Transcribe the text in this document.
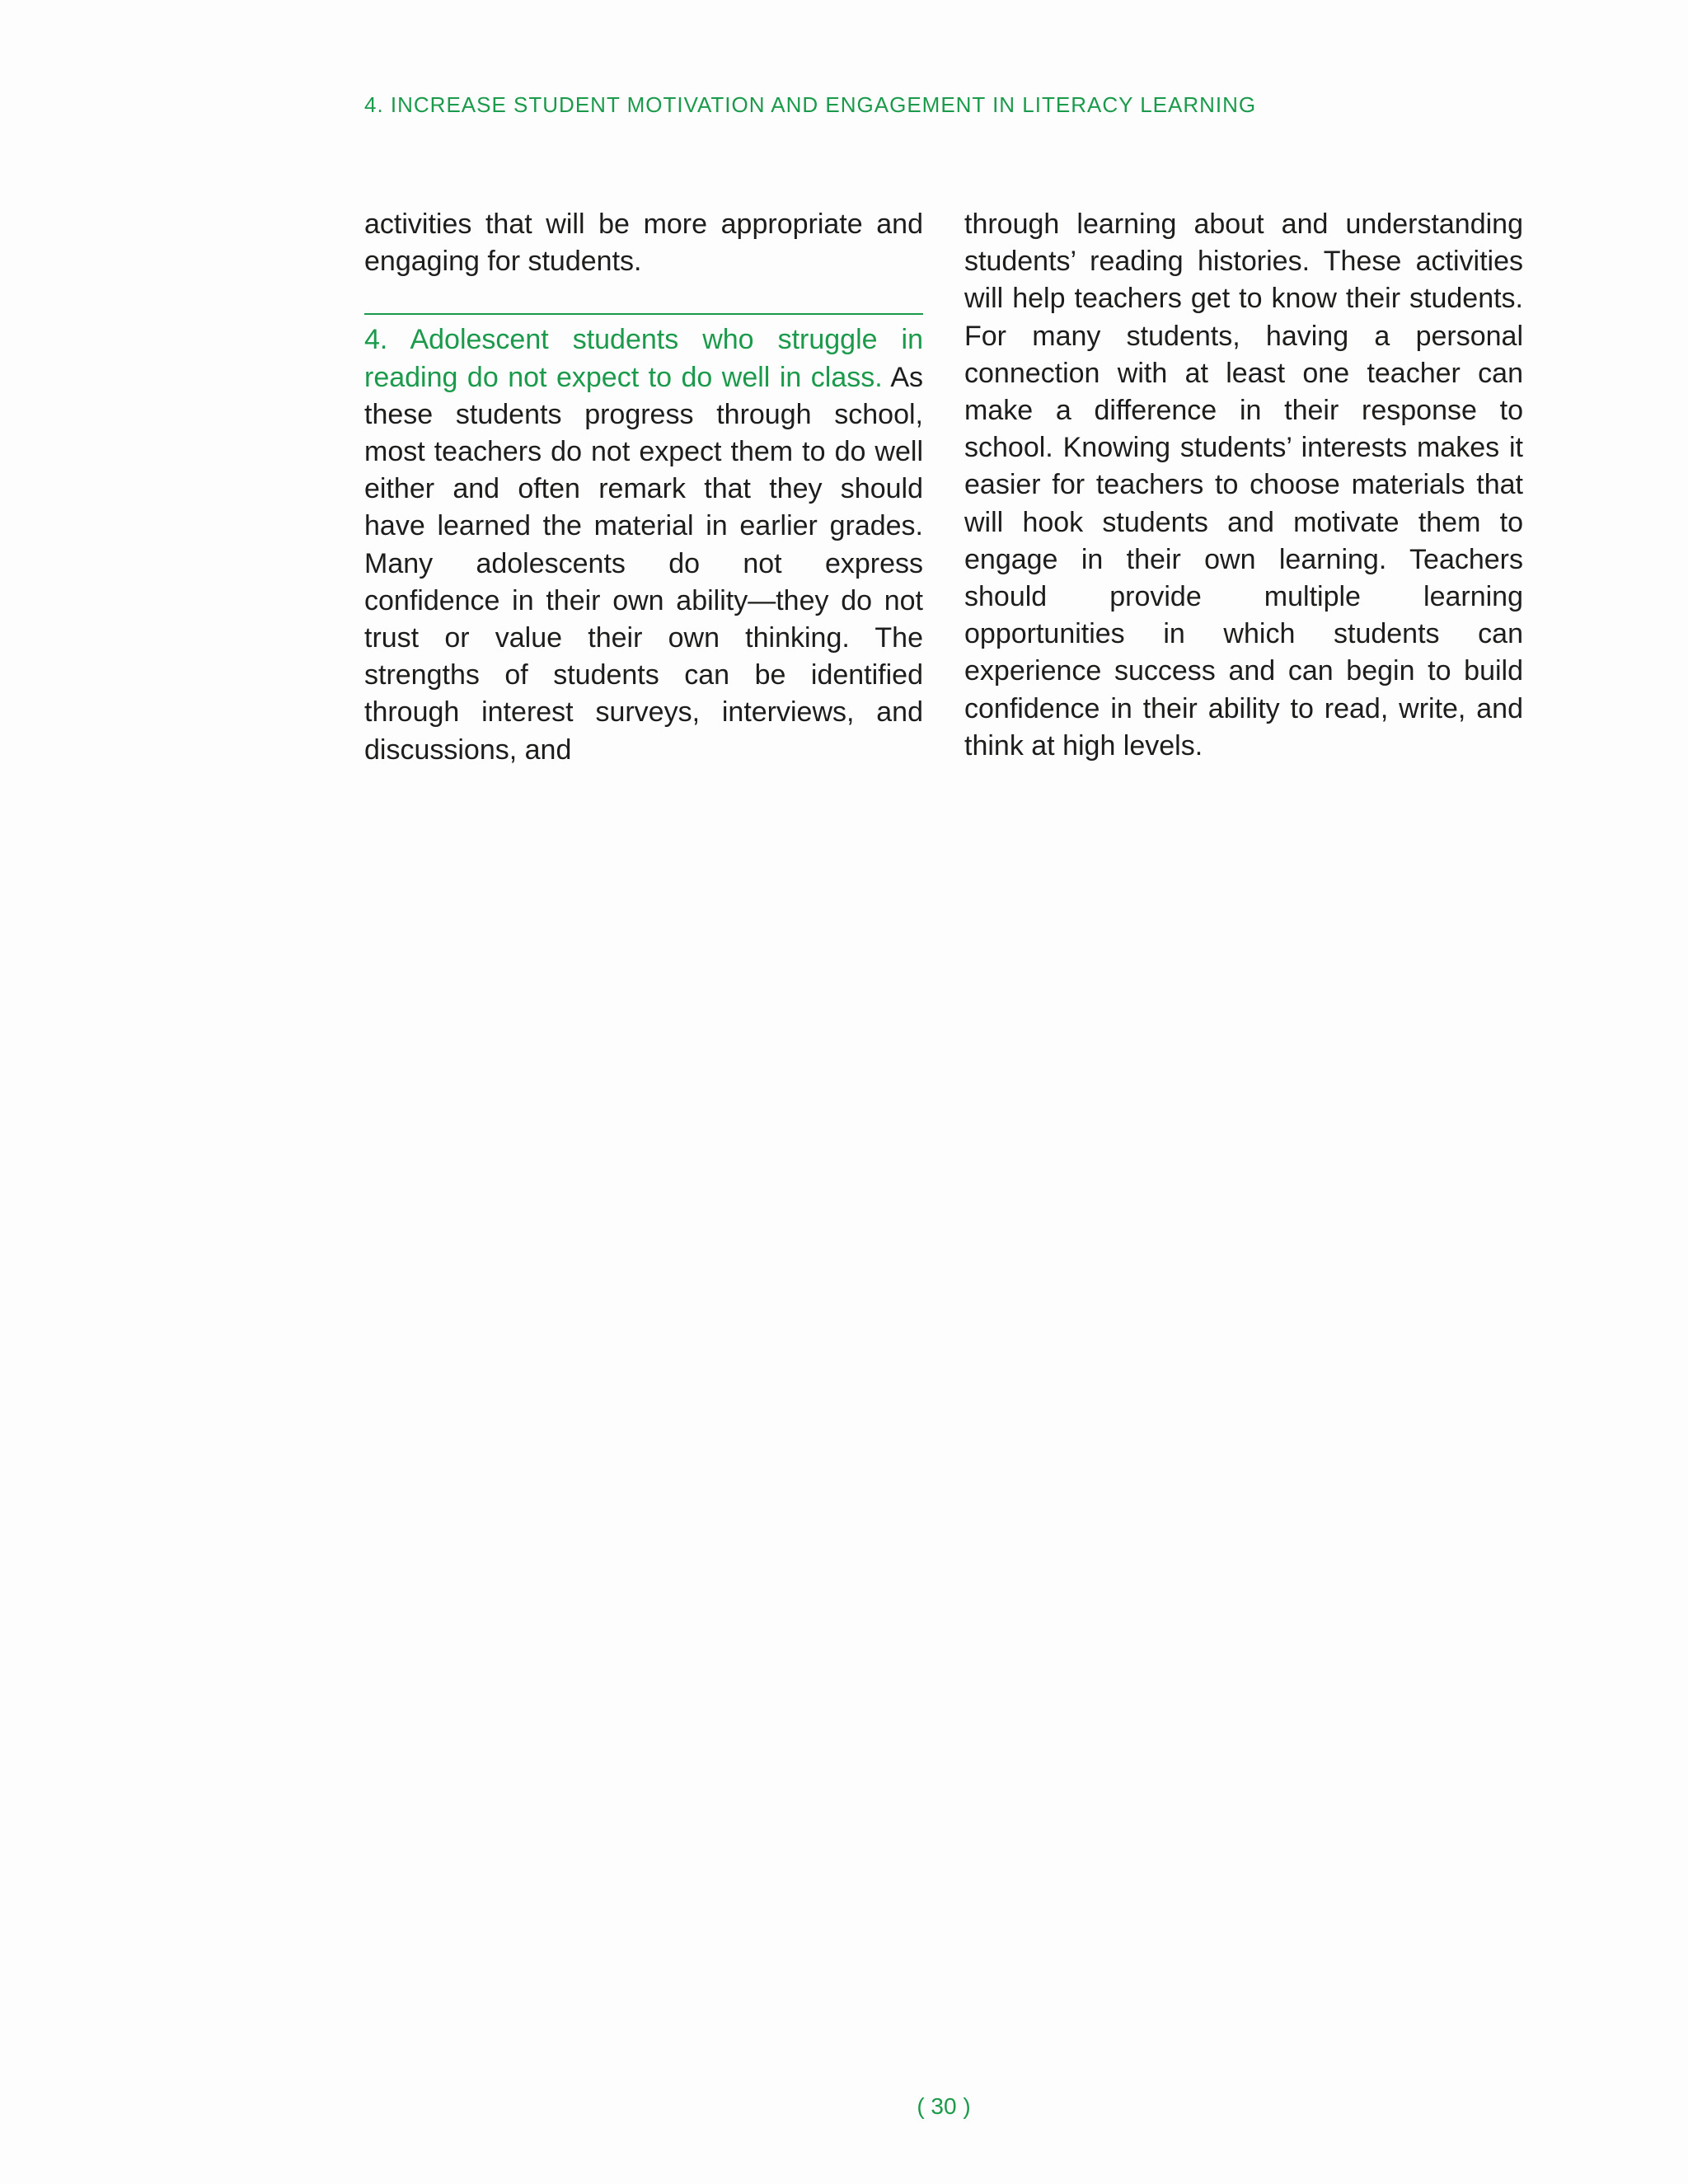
4. INCREASE STUDENT MOTIVATION AND ENGAGEMENT IN LITERACY LEARNING

activities that will be more appropriate and engaging for students.

4. Adolescent students who struggle in reading do not expect to do well in class. As these students progress through school, most teachers do not expect them to do well either and often remark that they should have learned the material in earlier grades. Many adolescents do not express confidence in their own ability—they do not trust or value their own thinking. The strengths of students can be identified through interest surveys, interviews, and discussions, and

through learning about and understanding students’ reading histories. These activities will help teachers get to know their students. For many students, having a personal connection with at least one teacher can make a difference in their response to school. Knowing students’ interests makes it easier for teachers to choose materials that will hook students and motivate them to engage in their own learning. Teachers should provide multiple learning opportunities in which students can experience success and can begin to build confidence in their ability to read, write, and think at high levels.

( 30 )
